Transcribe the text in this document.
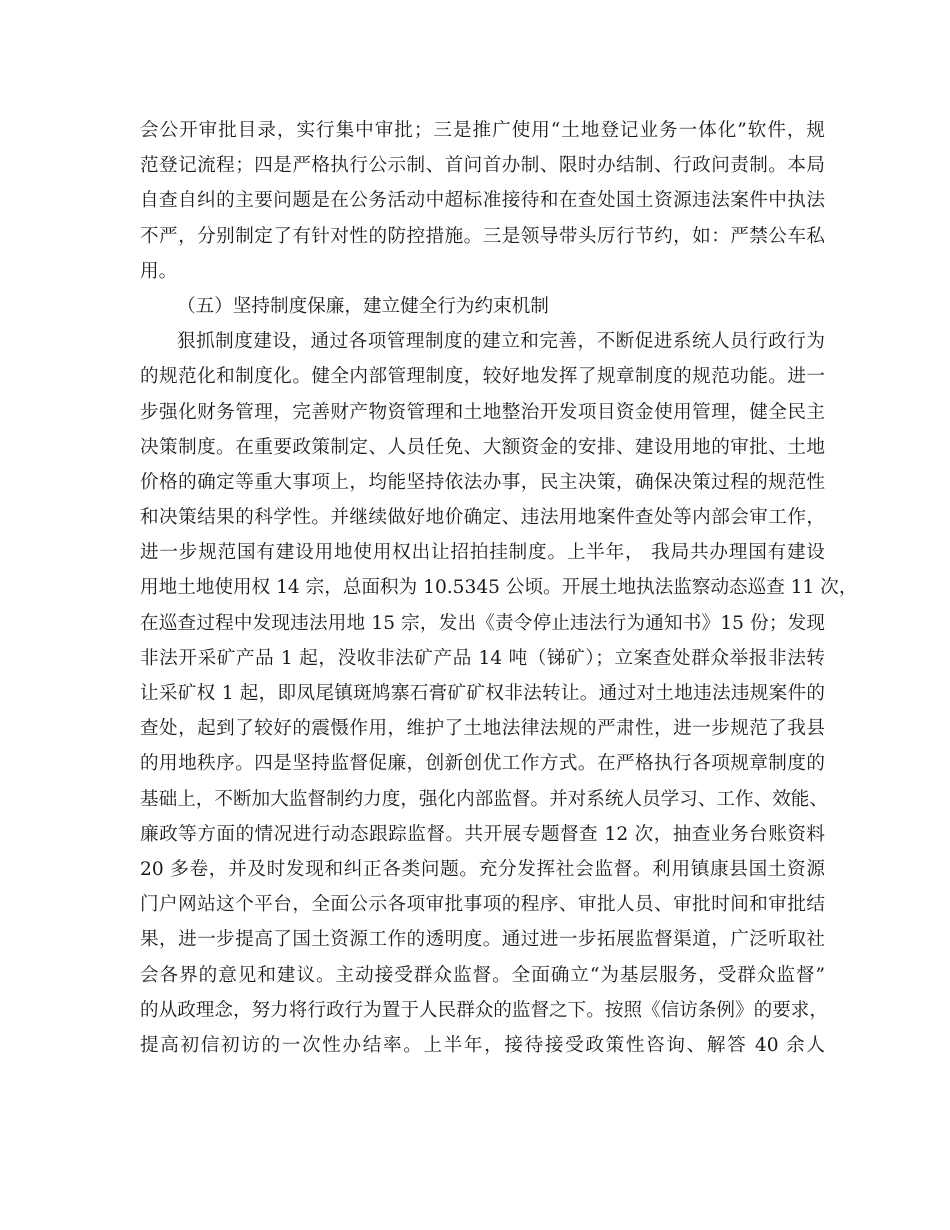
会公开审批目录，实行集中审批；三是推广使用“土地登记业务一体化”软件，规
范登记流程；四是严格执行公示制、首问首办制、限时办结制、行政问责制。本局
自查自纠的主要问题是在公务活动中超标准接待和在查处国土资源违法案件中执法
不严，分别制定了有针对性的防控措施。三是领导带头厉行节约，如：严禁公车私
用。
（五）坚持制度保廉，建立健全行为约束机制
狠抓制度建设，通过各项管理制度的建立和完善，不断促进系统人员行政行为
的规范化和制度化。健全内部管理制度，较好地发挥了规章制度的规范功能。进一
步强化财务管理，完善财产物资管理和土地整治开发项目资金使用管理，健全民主
决策制度。在重要政策制定、人员任免、大额资金的安排、建设用地的审批、土地
价格的确定等重大事项上，均能坚持依法办事，民主决策，确保决策过程的规范性
和决策结果的科学性。并继续做好地价确定、违法用地案件查处等内部会审工作，
进一步规范国有建设用地使用权出让招拍挂制度。上半年， 我局共办理国有建设
用地土地使用权 14 宗，总面积为 10.5345 公顷。开展土地执法监察动态巡查 11 次，
在巡查过程中发现违法用地 15 宗，发出《责令停止违法行为通知书》15 份；发现
非法开采矿产品 1 起，没收非法矿产品 14 吨（锑矿）；立案查处群众举报非法转
让采矿权 1 起，即凤尾镇斑鸠寨石膏矿矿权非法转让。通过对土地违法违规案件的
查处，起到了较好的震慑作用，维护了土地法律法规的严肃性，进一步规范了我县
的用地秩序。四是坚持监督促廉，创新创优工作方式。在严格执行各项规章制度的
基础上，不断加大监督制约力度，强化内部监督。并对系统人员学习、工作、效能、
廉政等方面的情况进行动态跟踪监督。共开展专题督查 12 次，抽查业务台账资料
20 多卷，并及时发现和纠正各类问题。充分发挥社会监督。利用镇康县国土资源
门户网站这个平台，全面公示各项审批事项的程序、审批人员、审批时间和审批结
果，进一步提高了国土资源工作的透明度。通过进一步拓展监督渠道，广泛听取社
会各界的意见和建议。主动接受群众监督。全面确立“为基层服务，受群众监督”
的从政理念，努力将行政行为置于人民群众的监督之下。按照《信访条例》的要求，
提高初信初访的一次性办结率。上半年，接待接受政策性咨询、解答 40 余人
